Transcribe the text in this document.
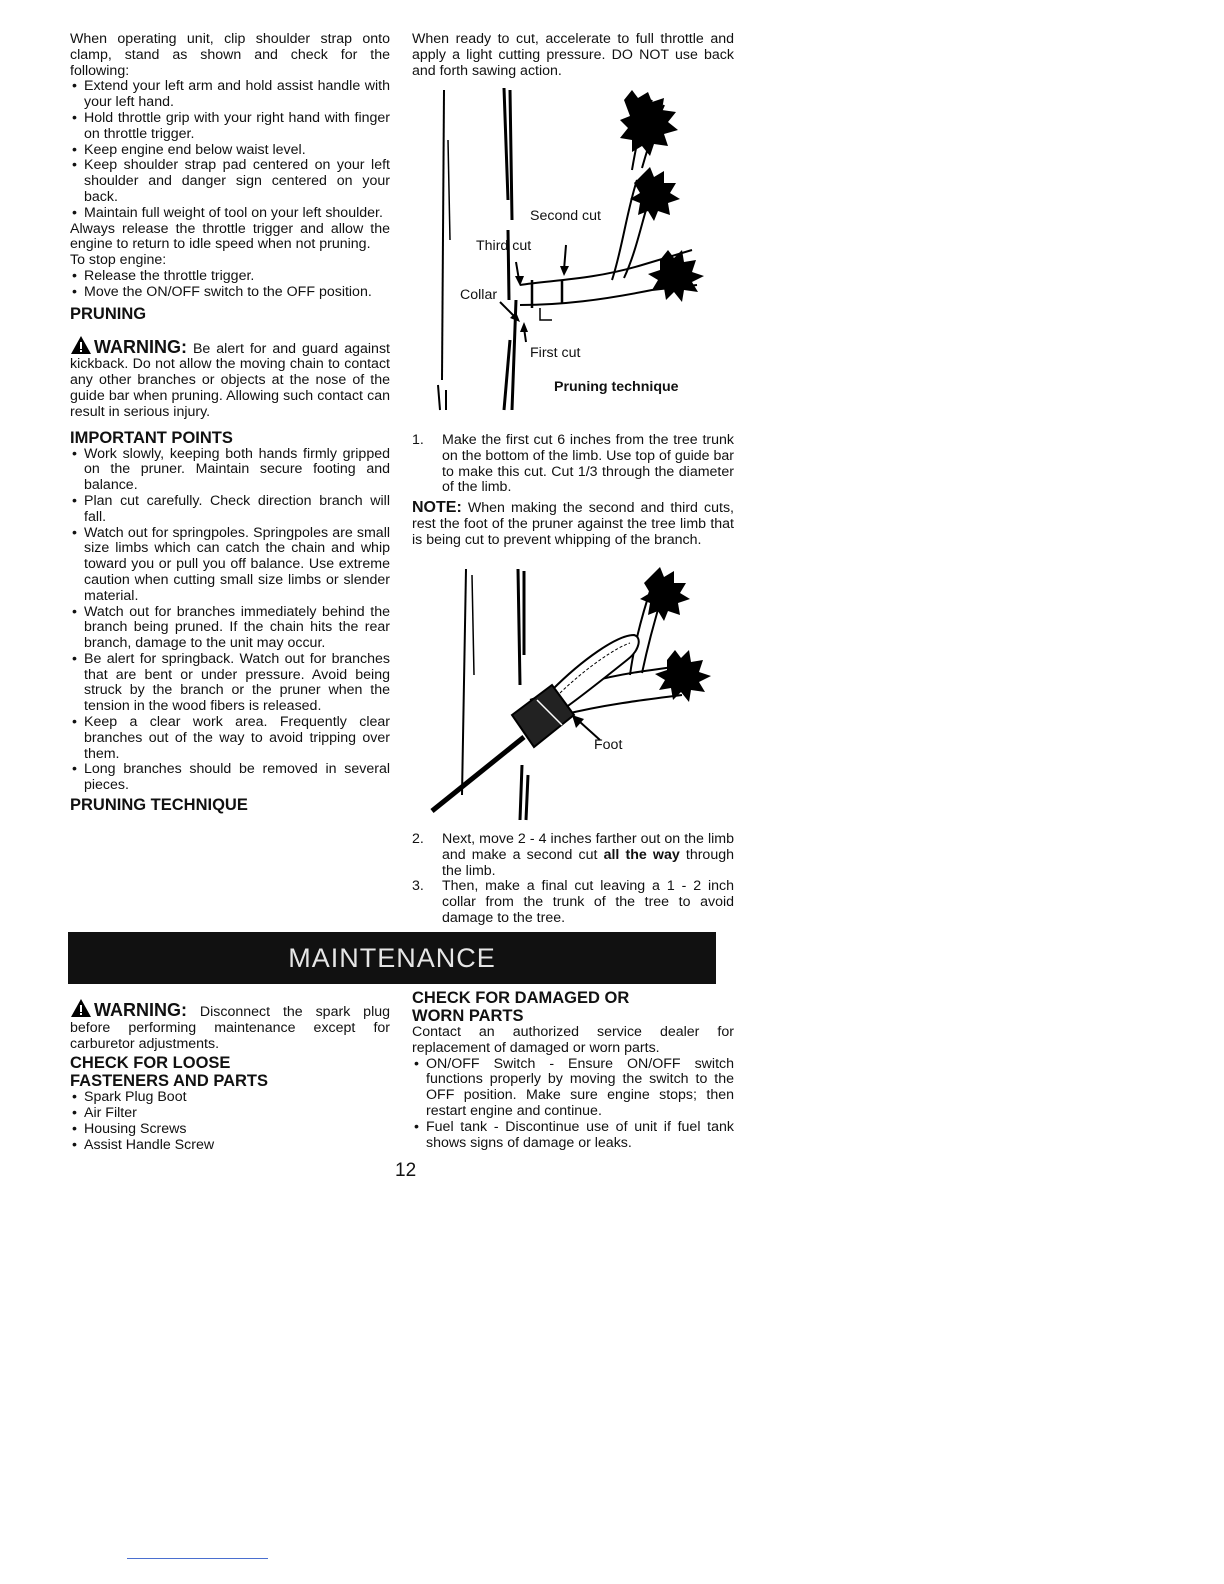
When operating unit, clip shoulder strap onto clamp, stand as shown and check for the following:

• Extend your left arm and hold assist handle with your left hand.
• Hold throttle grip with your right hand with finger on throttle trigger.
• Keep engine end below waist level.
• Keep shoulder strap pad centered on your left shoulder and danger sign centered on your back.
• Maintain full weight of tool on your left shoulder.

Always release the throttle trigger and allow the engine to return to idle speed when not pruning.

To stop engine:

• Release the throttle trigger.
• Move the ON/OFF switch to the OFF position.
PRUNING

WARNING: Be alert for and guard against kickback. Do not allow the moving chain to contact any other branches or objects at the nose of the guide bar when pruning. Allowing such contact can result in serious injury.

IMPORTANT POINTS
• Work slowly, keeping both hands firmly gripped on the pruner. Maintain secure footing and balance.
• Plan cut carefully. Check direction branch will fall.
• Watch out for springpoles. Springpoles are small size limbs which can catch the chain and whip toward you or pull you off balance. Use extreme caution when cutting small size limbs or slender material.
• Watch out for branches immediately behind the branch being pruned. If the chain hits the rear branch, damage to the unit may occur.
• Be alert for springback. Watch out for branches that are bent or under pressure. Avoid being struck by the branch or the pruner when the tension in the wood fibers is released.
• Keep a clear work area. Frequently clear branches out of the way to avoid tripping over them.
• Long branches should be removed in several pieces.
PRUNING TECHNIQUE

When ready to cut, accelerate to full throttle and apply a light cutting pressure. DO NOT use back and forth sawing action.

Second cut
Third cut
Collar
First cut
Pruning technique
1. Make the first cut 6 inches from the tree trunk on the bottom of the limb. Use top of guide bar to make this cut. Cut 1/3 through the diameter of the limb.

NOTE: When making the second and third cuts, rest the foot of the pruner against the tree limb that is being cut to prevent whipping of the branch.

Foot
2. Next, move 2 - 4 inches farther out on the limb and make a second cut all the way through the limb.
3. Then, make a final cut leaving a 1 - 2 inch collar from the trunk of the tree to avoid damage to the tree.
MAINTENANCE

WARNING: Disconnect the spark plug before performing maintenance except for carburetor adjustments.

CHECK FOR LOOSE
FASTENERS AND PARTS
• Spark Plug Boot
• Air Filter
• Housing Screws
• Assist Handle Screw
CHECK FOR DAMAGED OR
WORN PARTS

Contact an authorized service dealer for replacement of damaged or worn parts.

• ON/OFF Switch - Ensure ON/OFF switch functions properly by moving the switch to the OFF position. Make sure engine stops; then restart engine and continue.
• Fuel tank - Discontinue use of unit if fuel tank shows signs of damage or leaks.
12
